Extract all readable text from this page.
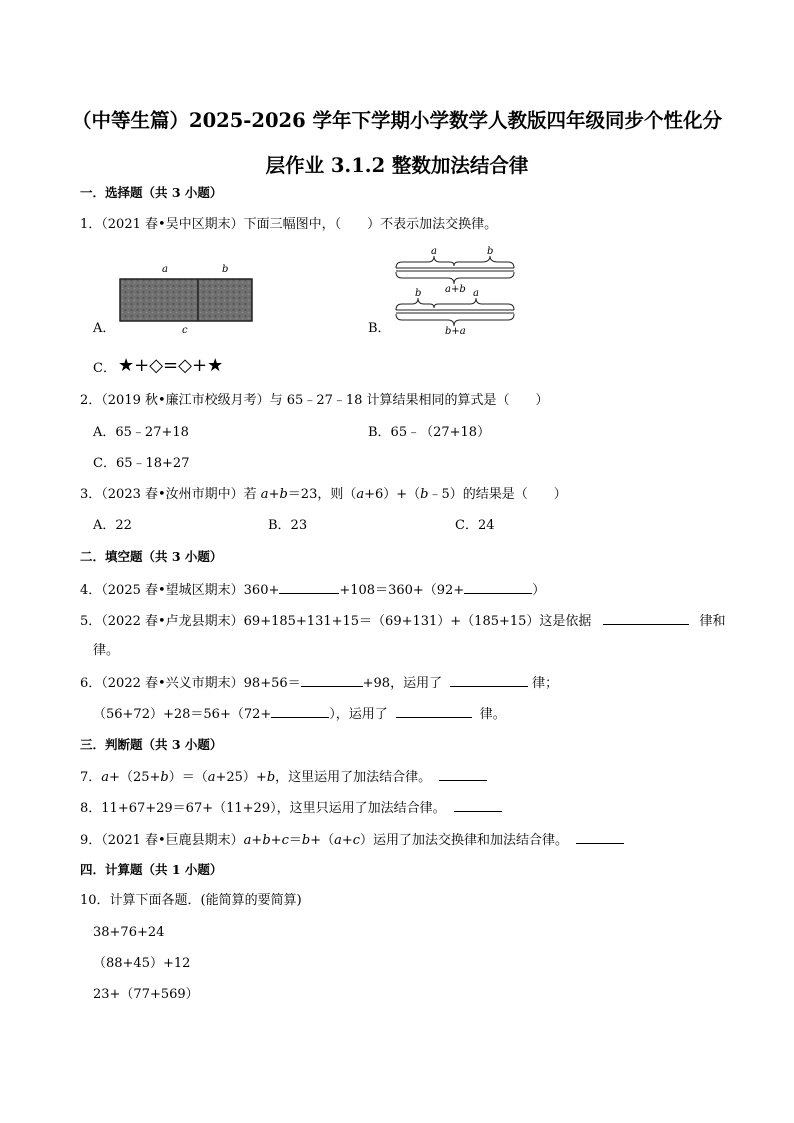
（中等生篇）2025-2026 学年下学期小学数学人教版四年级同步个性化分
层作业 3.1.2 整数加法结合律
一．选择题（共 3 小题）
1．（2021 春•吴中区期末）下面三幅图中，（　　）不表示加法交换律。
A．
a	b
c	B．
a	b
a+b
b	a
b+a
C． ★+◇=◇+★
2．（2019 秋•廉江市校级月考）与 65﹣27﹣18 计算结果相同的算式是（　　）
A．65﹣27+18	B．65﹣（27+18）
C．65﹣18+27
3．（2023 春•汝州市期中）若 a+b＝23，则（a+6）+（b﹣5）的结果是（　　）
A．22	B．23	C．24
二．填空题（共 3 小题）
4．（2025 春•望城区期末）360+	+108＝360+（92+	）
5．（2022 春•卢龙县期末）69+185+131+15＝（69+131）+（185+15）这是依据	律和
律。
6．（2022 春•兴义市期末）98+56＝	+98，运用了	律；
（56+72）+28＝56+（72+	），运用了	律。
三．判断题（共 3 小题）
7．a+（25+b）＝（a+25）+b，这里运用了加法结合律。
8．11+67+29＝67+（11+29），这里只运用了加法结合律。
9．（2021 春•巨鹿县期末）a+b+c＝b+（a+c）运用了加法交换律和加法结合律。
四．计算题（共 1 小题）
10．计算下面各题．(能简算的要简算)
38+76+24
（88+45）+12
23+（77+569）
